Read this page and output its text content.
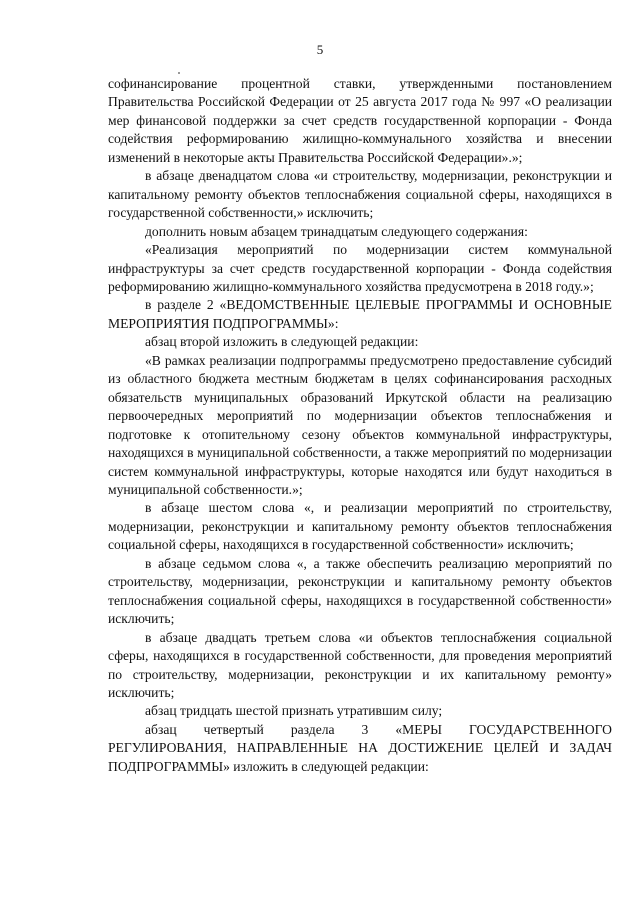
5

софинансирование процентной ставки, утвержденными постановлением Правительства Российской Федерации от 25 августа 2017 года № 997 «О реализации мер финансовой поддержки за счет средств государственной корпорации - Фонда содействия реформированию жилищно-коммунального хозяйства и внесении изменений в некоторые акты Правительства Российской Федерации».»;

в абзаце двенадцатом слова «и строительству, модернизации, реконструкции и капитальному ремонту объектов теплоснабжения социальной сферы, находящихся в государственной собственности,» исключить;

дополнить новым абзацем тринадцатым следующего содержания:

«Реализация мероприятий по модернизации систем коммунальной инфраструктуры за счет средств государственной корпорации - Фонда содействия реформированию жилищно-коммунального хозяйства предусмотрена в 2018 году.»;

в разделе 2 «ВЕДОМСТВЕННЫЕ ЦЕЛЕВЫЕ ПРОГРАММЫ И ОСНОВНЫЕ МЕРОПРИЯТИЯ ПОДПРОГРАММЫ»:

абзац второй изложить в следующей редакции:

«В рамках реализации подпрограммы предусмотрено предоставление субсидий из областного бюджета местным бюджетам в целях софинансирования расходных обязательств муниципальных образований Иркутской области на реализацию первоочередных мероприятий по модернизации объектов теплоснабжения и подготовке к отопительному сезону объектов коммунальной инфраструктуры, находящихся в муниципальной собственности, а также мероприятий по модернизации систем коммунальной инфраструктуры, которые находятся или будут находиться в муниципальной собственности.»;

в абзаце шестом слова «, и реализации мероприятий по строительству, модернизации, реконструкции и капитальному ремонту объектов теплоснабжения социальной сферы, находящихся в государственной собственности» исключить;

в абзаце седьмом слова «, а также обеспечить реализацию мероприятий по строительству, модернизации, реконструкции и капитальному ремонту объектов теплоснабжения социальной сферы, находящихся в государственной собственности» исключить;

в абзаце двадцать третьем слова «и объектов теплоснабжения социальной сферы, находящихся в государственной собственности, для проведения мероприятий по строительству, модернизации, реконструкции и их капитальному ремонту» исключить;

абзац тридцать шестой признать утратившим силу;

абзац четвертый раздела 3 «МЕРЫ ГОСУДАРСТВЕННОГО РЕГУЛИРОВАНИЯ, НАПРАВЛЕННЫЕ НА ДОСТИЖЕНИЕ ЦЕЛЕЙ И ЗАДАЧ ПОДПРОГРАММЫ» изложить в следующей редакции:
